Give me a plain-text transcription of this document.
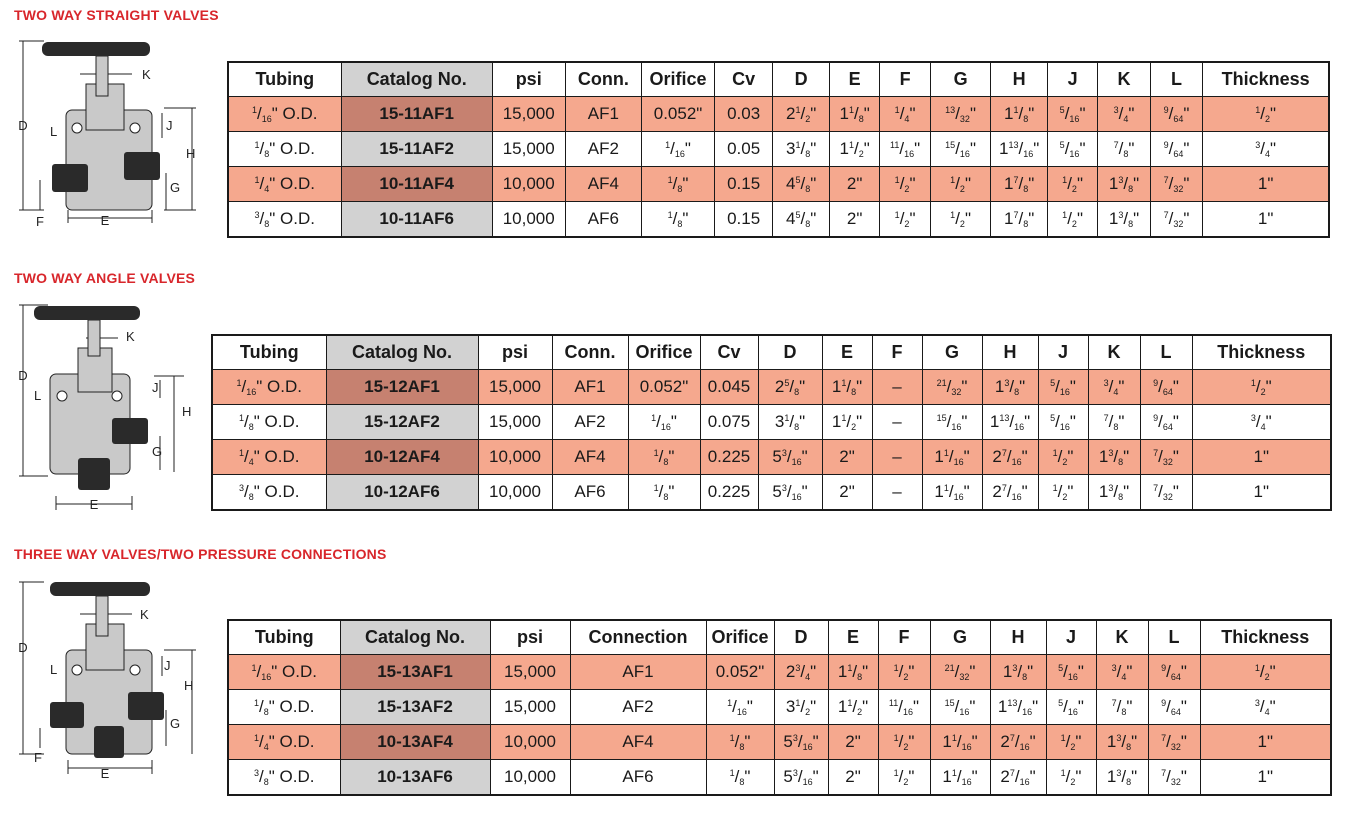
TWO WAY STRAIGHT VALVES
D
K
L	J
H
G
F	E
Tubing	Catalog No.	psi	Conn.	Orifice	Cv	D	E	F	G	H	J	K	L	Thickness
$^1/_{16}$" O.D.	15-11AF1	15,000	AF1	0.052"	0.03	$2^1/_2$"	$1^1/_8$"	$^1/_4$"	$^{13}/_{32}$"	$1^1/_8$"	$^5/_{16}$"	$^3/_4$"	$^9/_{64}$"	$^1/_2$"
$^1/_8$" O.D.	15-11AF2	15,000	AF2	$^1/_{16}$"	0.05	$3^1/_8$"	$1^1/_2$"	$^{11}/_{16}$"	$^{15}/_{16}$"	$1^{13}/_{16}$"	$^5/_{16}$"	$^7/_8$"	$^9/_{64}$"	$^3/_4$"
$^1/_4$" O.D.	10-11AF4	10,000	AF4	$^1/_8$"	0.15	$4^5/_8$"	2"	$^1/_2$"	$^1/_2$"	$1^7/_8$"	$^1/_2$"	$1^3/_8$"	$^7/_{32}$"	1"
$^3/_8$" O.D.	10-11AF6	10,000	AF6	$^1/_8$"	0.15	$4^5/_8$"	2"	$^1/_2$"	$^1/_2$"	$1^7/_8$"	$^1/_2$"	$1^3/_8$"	$^7/_{32}$"	1"
TWO WAY ANGLE VALVES
D
K
L
J
H
G
E
Tubing	Catalog No.	psi	Conn.	Orifice	Cv	D	E	F	G	H	J	K	L	Thickness
$^1/_{16}$" O.D.	15-12AF1	15,000	AF1	0.052"	0.045	$2^5/_8$"	$1^1/_8$"	–	$^{21}/_{32}$"	$1^3/_8$"	$^5/_{16}$"	$^3/_4$"	$^9/_{64}$"	$^1/_2$"
$^1/_8$" O.D.	15-12AF2	15,000	AF2	$^1/_{16}$"	0.075	$3^1/_8$"	$1^1/_2$"	–	$^{15}/_{16}$"	$1^{13}/_{16}$"	$^5/_{16}$"	$^7/_8$"	$^9/_{64}$"	$^3/_4$"
$^1/_4$" O.D.	10-12AF4	10,000	AF4	$^1/_8$"	0.225	$5^3/_{16}$"	2"	–	$1^1/_{16}$"	$2^7/_{16}$"	$^1/_2$"	$1^3/_8$"	$^7/_{32}$"	1"
$^3/_8$" O.D.	10-12AF6	10,000	AF6	$^1/_8$"	0.225	$5^3/_{16}$"	2"	–	$1^1/_{16}$"	$2^7/_{16}$"	$^1/_2$"	$1^3/_8$"	$^7/_{32}$"	1"
THREE WAY VALVES/TWO PRESSURE CONNECTIONS
D
K
L	J
H
G
F
E
Tubing	Catalog No.	psi	Connection	Orifice	D	E	F	G	H	J	K	L	Thickness
$^1/_{16}$" O.D.	15-13AF1	15,000	AF1	0.052"	$2^3/_4$"	$1^1/_8$"	$^1/_2$"	$^{21}/_{32}$"	$1^3/_8$"	$^5/_{16}$"	$^3/_4$"	$^9/_{64}$"	$^1/_2$"
$^1/_8$" O.D.	15-13AF2	15,000	AF2	$^1/_{16}$"	$3^1/_2$"	$1^1/_2$"	$^{11}/_{16}$"	$^{15}/_{16}$"	$1^{13}/_{16}$"	$^5/_{16}$"	$^7/_8$"	$^9/_{64}$"	$^3/_4$"
$^1/_4$" O.D.	10-13AF4	10,000	AF4	$^1/_8$"	$5^3/_{16}$"	2"	$^1/_2$"	$1^1/_{16}$"	$2^7/_{16}$"	$^1/_2$"	$1^3/_8$"	$^7/_{32}$"	1"
$^3/_8$" O.D.	10-13AF6	10,000	AF6	$^1/_8$"	$5^3/_{16}$"	2"	$^1/_2$"	$1^1/_{16}$"	$2^7/_{16}$"	$^1/_2$"	$1^3/_8$"	$^7/_{32}$"	1"
